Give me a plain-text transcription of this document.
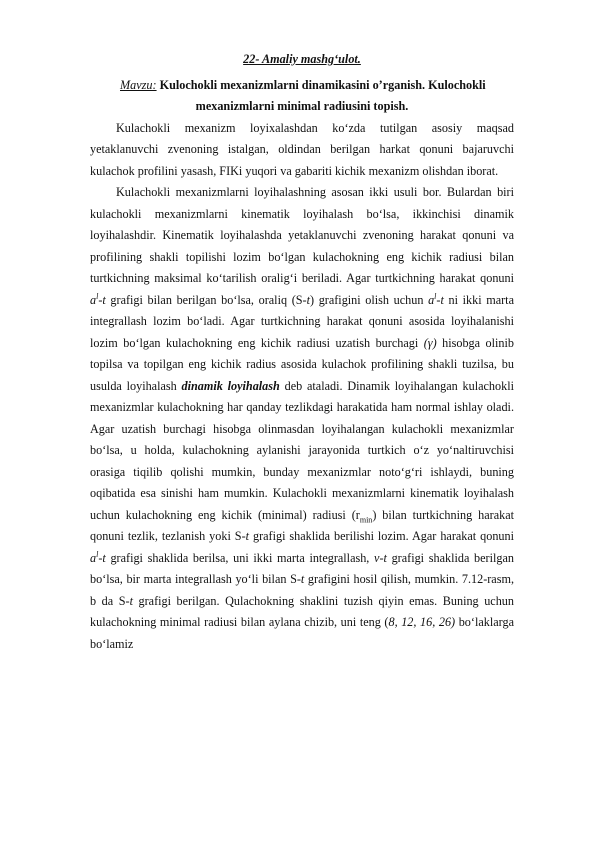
22- Amaliy mashg‘ulot.

Mavzu: Kulochokli mexanizmlarni dinamikasini o’rganish. Kulochokli
mexanizmlarni minimal radiusini topish.

Kulachokli mexanizm loyixalashdan ko‘zda tutilgan asosiy maqsad yetaklanuvchi zvenoning istalgan, oldindan berilgan harkat qonuni bajaruvchi kulachok profilini yasash, FIKi yuqori va gabariti kichik mexanizm olishdan iborat.

Kulachokli mexanizmlarni loyihalashning asosan ikki usuli bor. Bulardan biri kulachokli mexanizmlarni kinematik loyihalash bo‘lsa, ikkinchisi dinamik loyihalashdir. Kinematik loyihalashda yetaklanuvchi zvenoning harakat qonuni va profilining shakli topilishi lozim bo‘lgan kulachokning eng kichik radiusi bilan turtkichning maksimal ko‘tarilish oralig‘i beriladi. Agar turtkichning harakat qonuni $a^l-t$ grafigi bilan berilgan bo‘lsa, oraliq (S-t) grafigini olish uchun $a^l-t$ ni ikki marta integrallash lozim bo‘ladi. Agar turtkichning harakat qonuni asosida loyihalanishi lozim bo‘lgan kulachokning eng kichik radiusi uzatish burchagi (γ) hisobga olinib topilsa va topilgan eng kichik radius asosida kulachok profilining shakli tuzilsa, bu usulda loyihalash dinamik loyihalash deb ataladi. Dinamik loyihalangan kulachokli mexanizmlar kulachokning har qanday tezlikdagi harakatida ham normal ishlay oladi. Agar uzatish burchagi hisobga olinmasdan loyihalangan kulachokli mexanizmlar bo‘lsa, u holda, kulachokning aylanishi jarayonida turtkich o‘z yo‘naltiruvchisi orasiga tiqilib qolishi mumkin, bunday mexanizmlar noto‘g‘ri ishlaydi, buning oqibatida esa sinishi ham mumkin. Kulachokli mexanizmlarni kinematik loyihalash uchun kulachokning eng kichik (minimal) radiusi $(r_{min})$ bilan turtkichning harakat qonuni tezlik, tezlanish yoki S-t grafigi shaklida berilishi lozim. Agar harakat qonuni $a^l-t$ grafigi shaklida berilsa, uni ikki marta integrallash, v-t grafigi shaklida berilgan bo‘lsa, bir marta integrallash yo‘li bilan S-t grafigini hosil qilish, mumkin. 7.12-rasm, b da S-t grafigi berilgan. Qulachokning shaklini tuzish qiyin emas. Buning uchun kulachokning minimal radiusi bilan aylana chizib, uni teng (8, 12, 16, 26) bo‘laklarga bo‘lamiz
